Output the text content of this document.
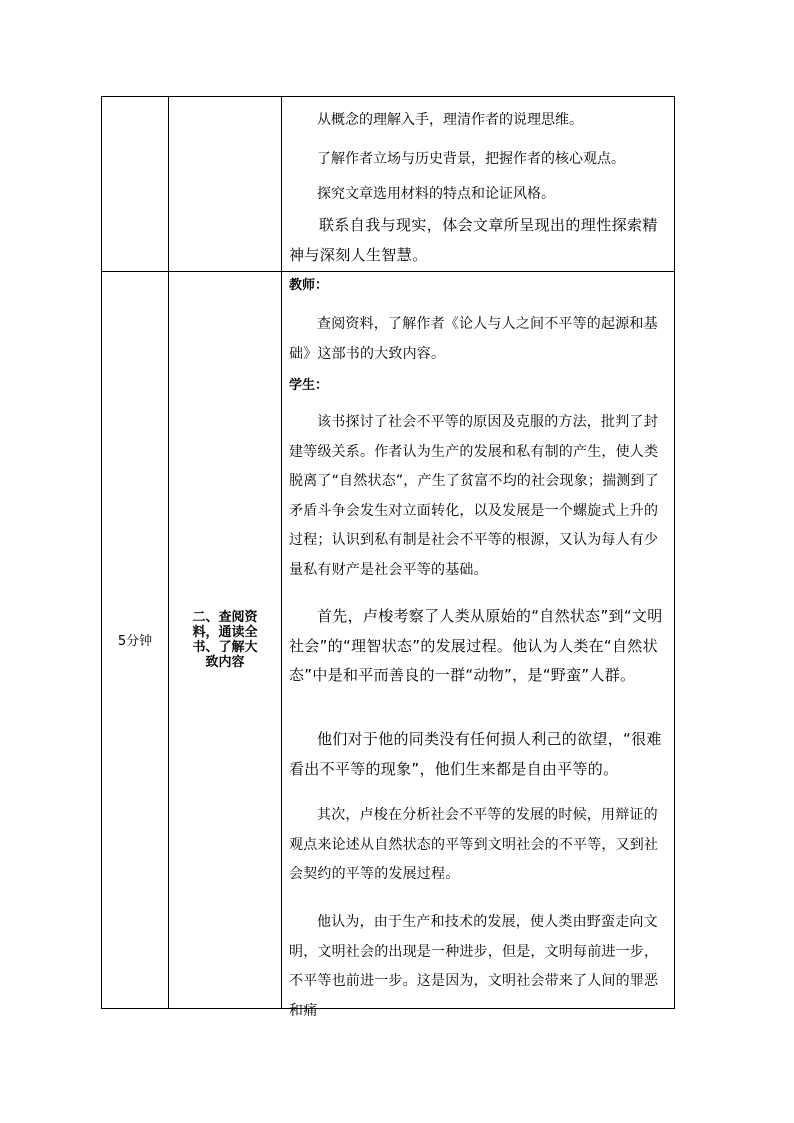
从概念的理解入手，理清作者的说理思维。

了解作者立场与历史背景，把握作者的核心观点。

探究文章选用材料的特点和论证风格。

联系自我与现实，体会文章所呈现出的理性探索精神与深刻人生智慧。

5分钟
二、查阅资料，通读全书、了解大致内容
教师：

查阅资料，了解作者《论人与人之间不平等的起源和基础》这部书的大致内容。

学生：

该书探讨了社会不平等的原因及克服的方法，批判了封建等级关系。作者认为生产的发展和私有制的产生，使人类脱离了“自然状态”，产生了贫富不均的社会现象；揣测到了矛盾斗争会发生对立面转化，以及发展是一个螺旋式上升的过程；认识到私有制是社会不平等的根源，又认为每人有少量私有财产是社会平等的基础。

首先，卢梭考察了人类从原始的“自然状态”到“文明社会”的“理智状态”的发展过程。他认为人类在“自然状态”中是和平而善良的一群“动物”，是“野蛮”人群。

他们对于他的同类没有任何损人利己的欲望，“很难看出不平等的现象”，他们生来都是自由平等的。

其次，卢梭在分析社会不平等的发展的时候，用辩证的观点来论述从自然状态的平等到文明社会的不平等，又到社会契约的平等的发展过程。

他认为，由于生产和技术的发展，使人类由野蛮走向文明，文明社会的出现是一种进步，但是，文明每前进一步，不平等也前进一步。这是因为，文明社会带来了人间的罪恶和痛
